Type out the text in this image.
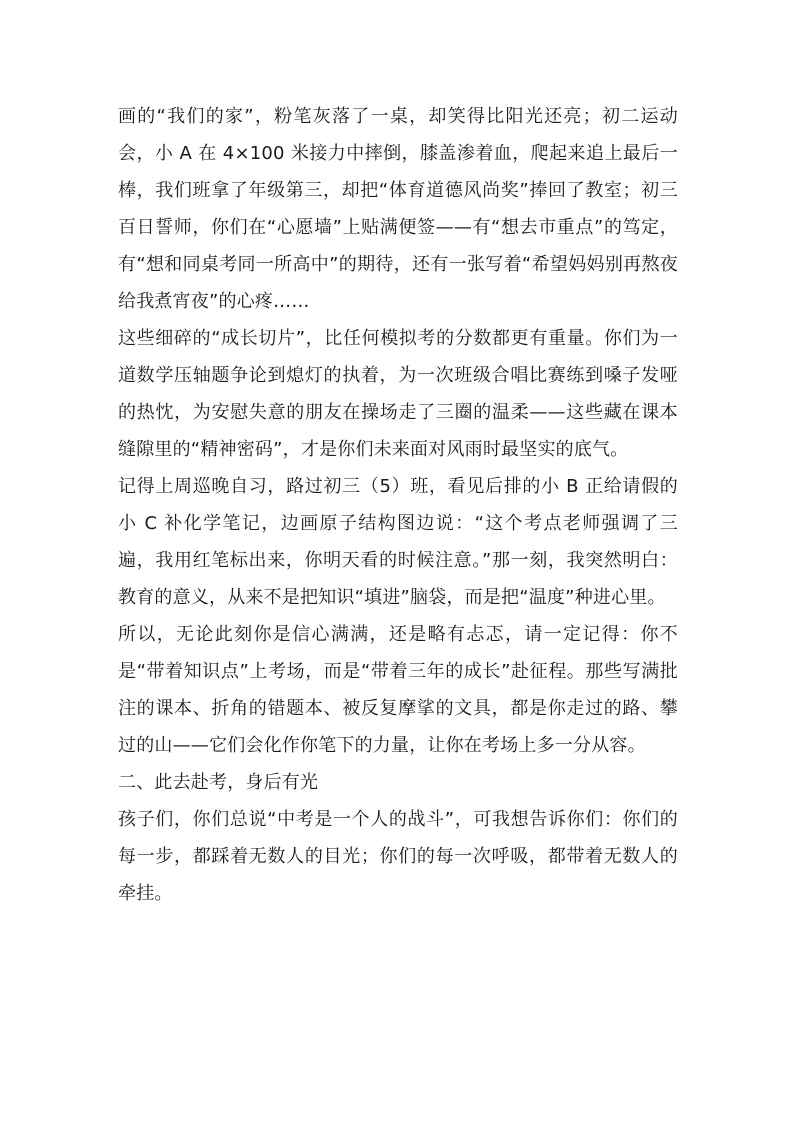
画的“我们的家”，粉笔灰落了一桌，却笑得比阳光还亮；初二运动会，小 A 在 4×100 米接力中摔倒，膝盖渗着血，爬起来追上最后一棒，我们班拿了年级第三，却把“体育道德风尚奖”捧回了教室；初三百日誓师，你们在“心愿墙”上贴满便签——有“想去市重点”的笃定，有“想和同桌考同一所高中”的期待，还有一张写着“希望妈妈别再熬夜给我煮宵夜”的心疼……

这些细碎的“成长切片”，比任何模拟考的分数都更有重量。你们为一道数学压轴题争论到熄灯的执着，为一次班级合唱比赛练到嗓子发哑的热忱，为安慰失意的朋友在操场走了三圈的温柔——这些藏在课本缝隙里的“精神密码”，才是你们未来面对风雨时最坚实的底气。

记得上周巡晚自习，路过初三（5）班，看见后排的小 B 正给请假的小 C 补化学笔记，边画原子结构图边说：“这个考点老师强调了三遍，我用红笔标出来，你明天看的时候注意。”那一刻，我突然明白：教育的意义，从来不是把知识“填进”脑袋，而是把“温度”种进心里。

所以，无论此刻你是信心满满，还是略有忐忑，请一定记得：你不是“带着知识点”上考场，而是“带着三年的成长”赴征程。那些写满批注的课本、折角的错题本、被反复摩挲的文具，都是你走过的路、攀过的山——它们会化作你笔下的力量，让你在考场上多一分从容。

二、此去赴考，身后有光

孩子们，你们总说“中考是一个人的战斗”，可我想告诉你们：你们的每一步，都踩着无数人的目光；你们的每一次呼吸，都带着无数人的牵挂。
